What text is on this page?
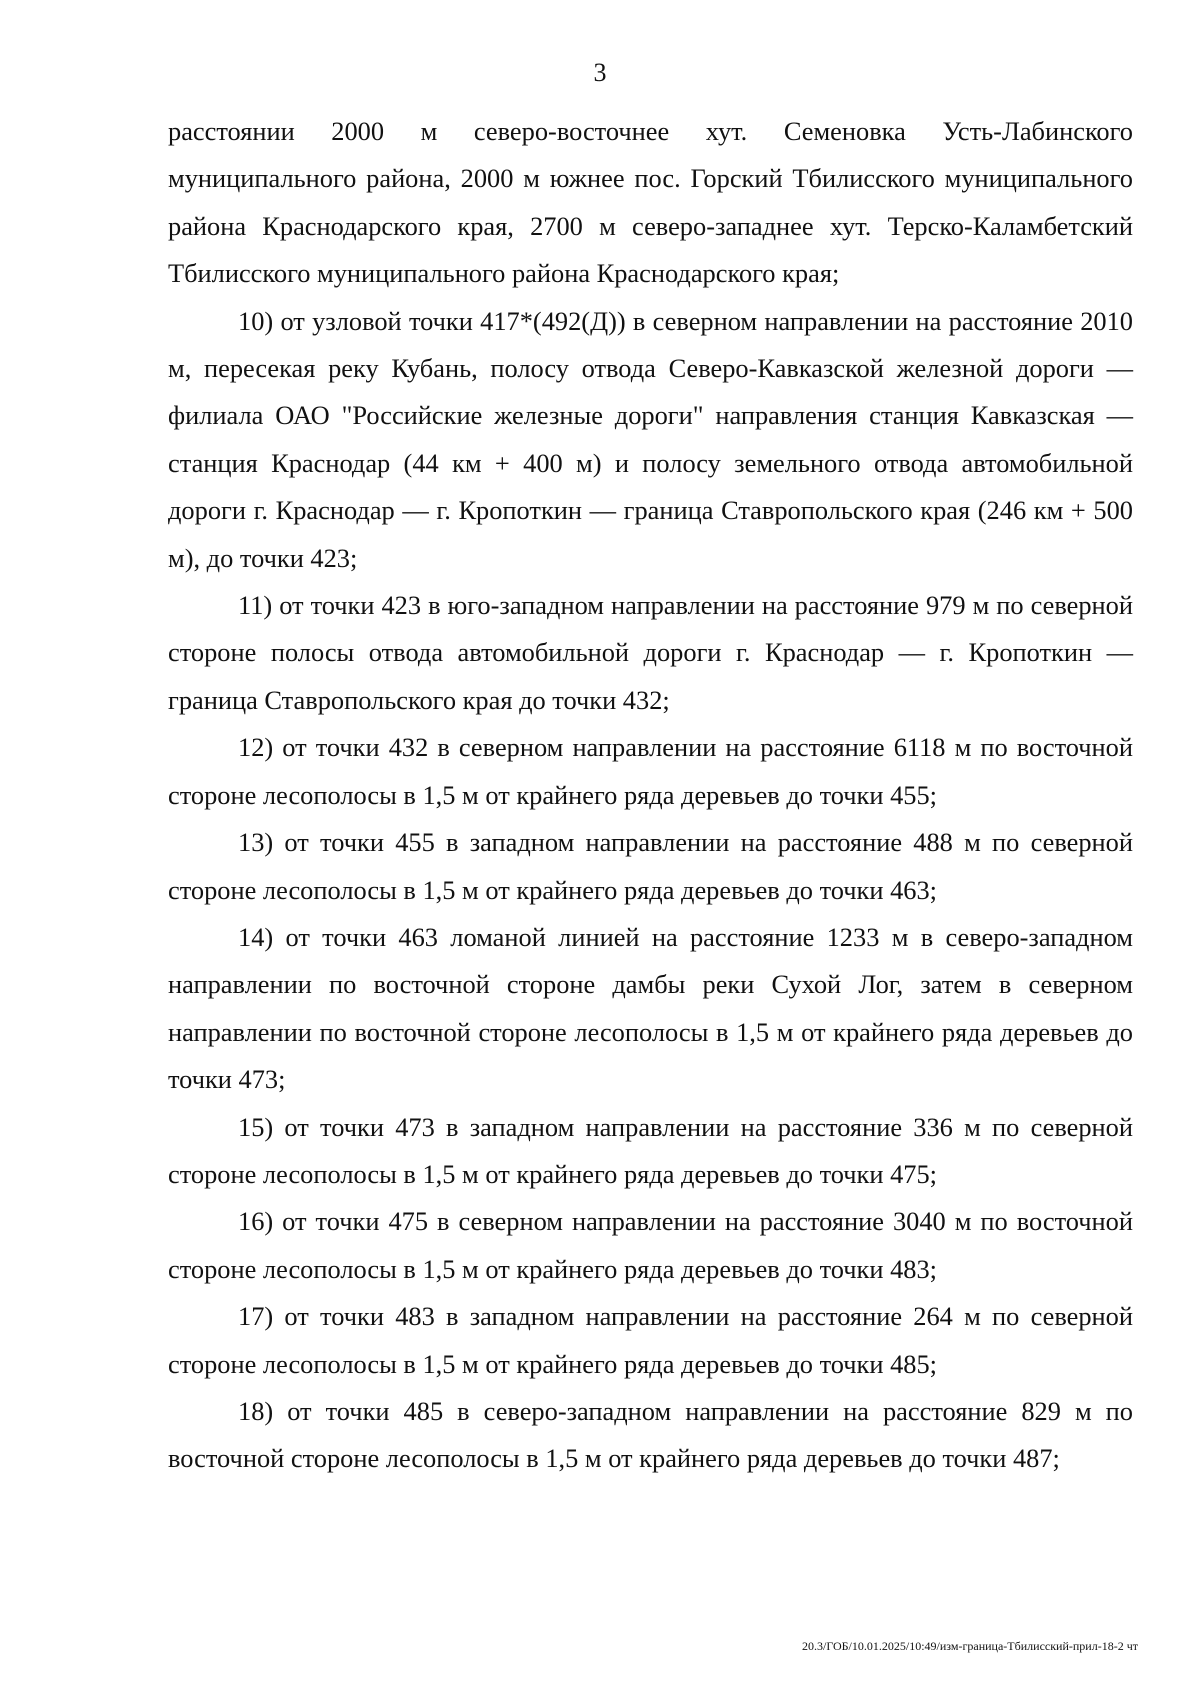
3

расстоянии 2000 м северо-восточнее хут. Семеновка Усть-Лабинского муниципального района, 2000 м южнее пос. Горский Тбилисского муниципального района Краснодарского края, 2700 м северо-западнее хут. Терско-Каламбетский Тбилисского муниципального района Краснодарского края;

10) от узловой точки 417*(492(Д)) в северном направлении на расстояние 2010 м, пересекая реку Кубань, полосу отвода Северо-Кавказской железной дороги — филиала ОАО "Российские железные дороги" направления станция Кавказская — станция Краснодар (44 км + 400 м) и полосу земельного отвода автомобильной дороги г. Краснодар — г. Кропоткин — граница Ставропольского края (246 км + 500 м), до точки 423;

11) от точки 423 в юго-западном направлении на расстояние 979 м по северной стороне полосы отвода автомобильной дороги г. Краснодар — г. Кропоткин — граница Ставропольского края до точки 432;

12) от точки 432 в северном направлении на расстояние 6118 м по восточной стороне лесополосы в 1,5 м от крайнего ряда деревьев до точки 455;

13) от точки 455 в западном направлении на расстояние 488 м по северной стороне лесополосы в 1,5 м от крайнего ряда деревьев до точки 463;

14) от точки 463 ломаной линией на расстояние 1233 м в северо-западном направлении по восточной стороне дамбы реки Сухой Лог, затем в северном направлении по восточной стороне лесополосы в 1,5 м от крайнего ряда деревьев до точки 473;

15) от точки 473 в западном направлении на расстояние 336 м по северной стороне лесополосы в 1,5 м от крайнего ряда деревьев до точки 475;

16) от точки 475 в северном направлении на расстояние 3040 м по восточной стороне лесополосы в 1,5 м от крайнего ряда деревьев до точки 483;

17) от точки 483 в западном направлении на расстояние 264 м по северной стороне лесополосы в 1,5 м от крайнего ряда деревьев до точки 485;

18) от точки 485 в северо-западном направлении на расстояние 829 м по восточной стороне лесополосы в 1,5 м от крайнего ряда деревьев до точки 487;

20.3/ГОБ/10.01.2025/10:49/изм-граница-Тбилисский-прил-18-2 чт
